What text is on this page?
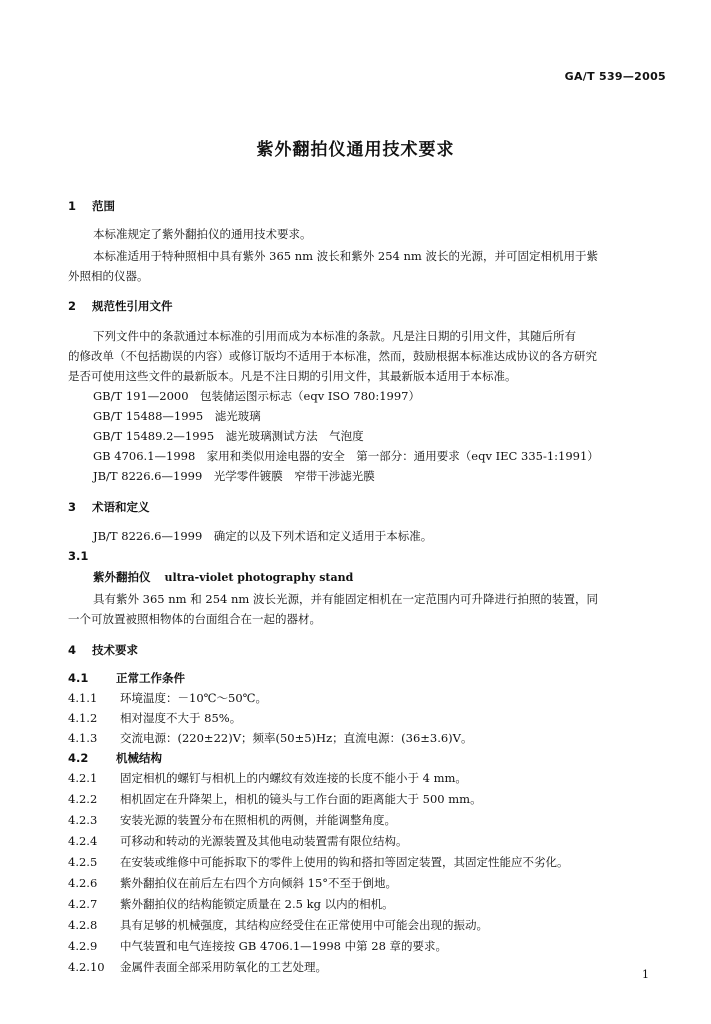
GA/T 539—2005
紫外翻拍仪通用技术要求
1 范围
本标准规定了紫外翻拍仪的通用技术要求。
本标准适用于特种照相中具有紫外 365 nm 波长和紫外 254 nm 波长的光源，并可固定相机用于紫
外照相的仪器。
2 规范性引用文件
下列文件中的条款通过本标准的引用而成为本标准的条款。凡是注日期的引用文件，其随后所有
的修改单（不包括勘误的内容）或修订版均不适用于本标准，然而，鼓励根据本标准达成协议的各方研究
是否可使用这些文件的最新版本。凡是不注日期的引用文件，其最新版本适用于本标准。
GB/T 191—2000　包装储运图示标志（eqv ISO 780:1997）
GB/T 15488—1995　滤光玻璃
GB/T 15489.2—1995　滤光玻璃测试方法　气泡度
GB 4706.1—1998　家用和类似用途电器的安全　第一部分：通用要求（eqv IEC 335-1:1991）
JB/T 8226.6—1999　光学零件镀膜　窄带干涉滤光膜
3 术语和定义
JB/T 8226.6—1999　确定的以及下列术语和定义适用于本标准。
3.1
紫外翻拍仪 ultra-violet photography stand
具有紫外 365 nm 和 254 nm 波长光源，并有能固定相机在一定范围内可升降进行拍照的装置，同
一个可放置被照相物体的台面组合在一起的器材。
4 技术要求
4.1 正常工作条件
4.1.1 环境温度：－10℃～50℃。
4.1.2 相对湿度不大于 85%。
4.1.3 交流电源：(220±22)V；频率(50±5)Hz；直流电源：(36±3.6)V。
4.2 机械结构
4.2.1 固定相机的螺钉与相机上的内螺纹有效连接的长度不能小于 4 mm。
4.2.2 相机固定在升降架上，相机的镜头与工作台面的距离能大于 500 mm。
4.2.3 安装光源的装置分布在照相机的两侧，并能调整角度。
4.2.4 可移动和转动的光源装置及其他电动装置需有限位结构。
4.2.5 在安装或维修中可能拆取下的零件上使用的钩和搭扣等固定装置，其固定性能应不劣化。
4.2.6 紫外翻拍仪在前后左右四个方向倾斜 15°不至于倒地。
4.2.7 紫外翻拍仪的结构能锁定质量在 2.5 kg 以内的相机。
4.2.8 具有足够的机械强度，其结构应经受住在正常使用中可能会出现的振动。
4.2.9 中气装置和电气连接按 GB 4706.1—1998 中第 28 章的要求。
4.2.10 金属件表面全部采用防氧化的工艺处理。
1
